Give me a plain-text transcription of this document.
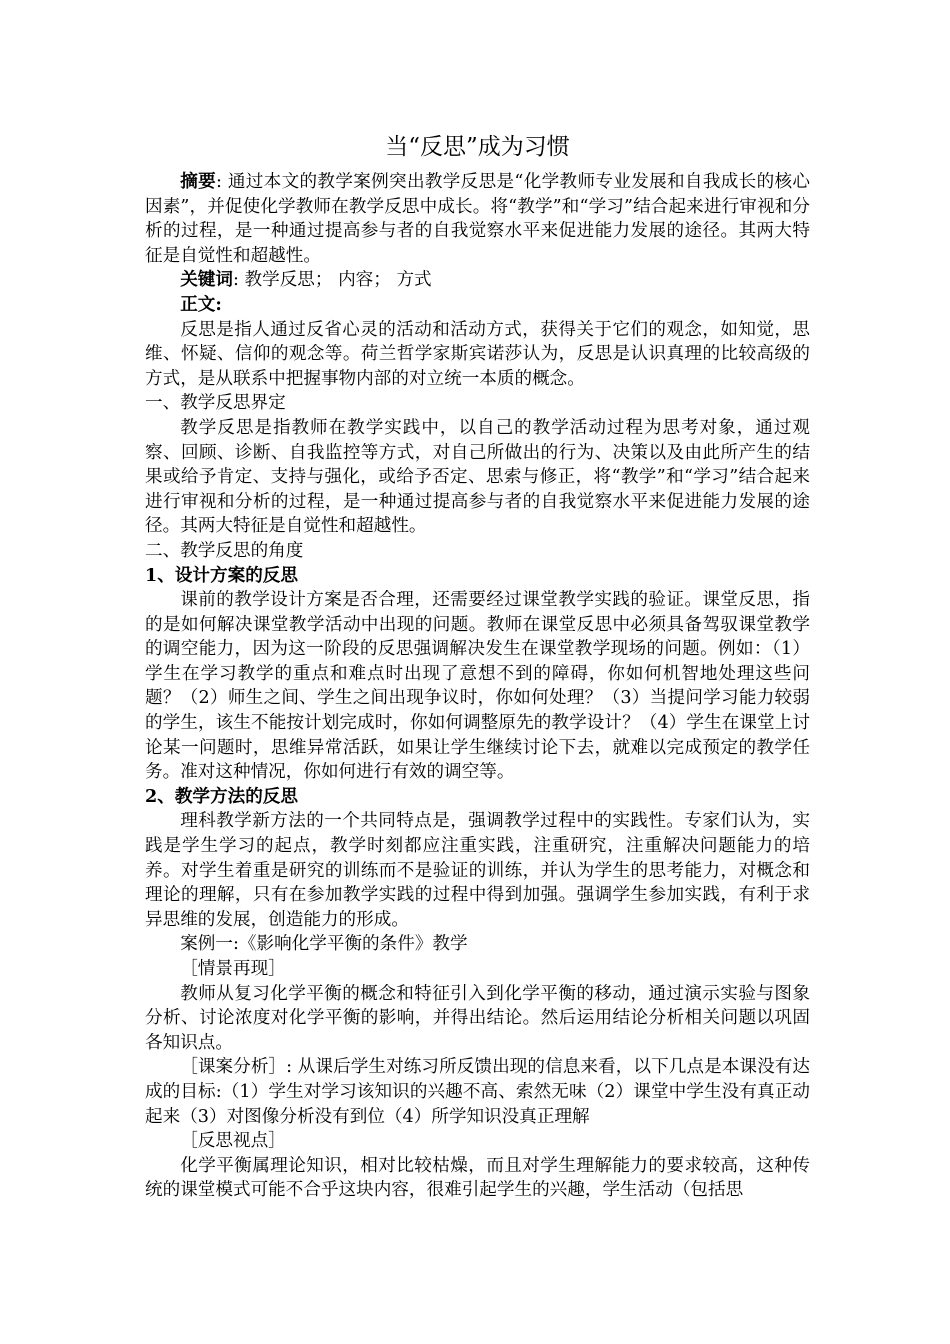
当“反思”成为习惯

摘要: 通过本文的教学案例突出教学反思是“化学教师专业发展和自我成长的核心因素”，并促使化学教师在教学反思中成长。将“教学”和“学习”结合起来进行审视和分析的过程，是一种通过提高参与者的自我觉察水平来促进能力发展的途径。其两大特征是自觉性和超越性。

关键词: 教学反思； 内容； 方式

正文:

反思是指人通过反省心灵的活动和活动方式，获得关于它们的观念，如知觉，思维、怀疑、信仰的观念等。荷兰哲学家斯宾诺莎认为，反思是认识真理的比较高级的方式，是从联系中把握事物内部的对立统一本质的概念。

一、教学反思界定

教学反思是指教师在教学实践中，以自己的教学活动过程为思考对象，通过观察、回顾、诊断、自我监控等方式，对自己所做出的行为、决策以及由此所产生的结果或给予肯定、支持与强化，或给予否定、思索与修正，将“教学”和“学习”结合起来进行审视和分析的过程，是一种通过提高参与者的自我觉察水平来促进能力发展的途径。其两大特征是自觉性和超越性。

二、教学反思的角度

1、设计方案的反思

课前的教学设计方案是否合理，还需要经过课堂教学实践的验证。课堂反思，指的是如何解决课堂教学活动中出现的问题。教师在课堂反思中必须具备驾驭课堂教学的调空能力，因为这一阶段的反思强调解决发生在课堂教学现场的问题。例如：（1）学生在学习教学的重点和难点时出现了意想不到的障碍，你如何机智地处理这些问题？（2）师生之间、学生之间出现争议时，你如何处理？（3）当提问学习能力较弱的学生，该生不能按计划完成时，你如何调整原先的教学设计？（4）学生在课堂上讨论某一问题时，思维异常活跃，如果让学生继续讨论下去，就难以完成预定的教学任务。准对这种情况，你如何进行有效的调空等。

2、教学方法的反思

理科教学新方法的一个共同特点是，强调教学过程中的实践性。专家们认为，实践是学生学习的起点，教学时刻都应注重实践，注重研究，注重解决问题能力的培养。对学生着重是研究的训练而不是验证的训练，并认为学生的思考能力，对概念和理论的理解，只有在参加教学实践的过程中得到加强。强调学生参加实践，有利于求异思维的发展，创造能力的形成。

案例一:《影响化学平衡的条件》教学

［情景再现］

教师从复习化学平衡的概念和特征引入到化学平衡的移动，通过演示实验与图象分析、讨论浓度对化学平衡的影响，并得出结论。然后运用结论分析相关问题以巩固各知识点。

［课案分析］: 从课后学生对练习所反馈出现的信息来看，以下几点是本课没有达成的目标:（1）学生对学习该知识的兴趣不高、索然无味（2）课堂中学生没有真正动起来（3）对图像分析没有到位（4）所学知识没真正理解

［反思视点］

化学平衡属理论知识，相对比较枯燥，而且对学生理解能力的要求较高，这种传统的课堂模式可能不合乎这块内容，很难引起学生的兴趣，学生活动（包括思
